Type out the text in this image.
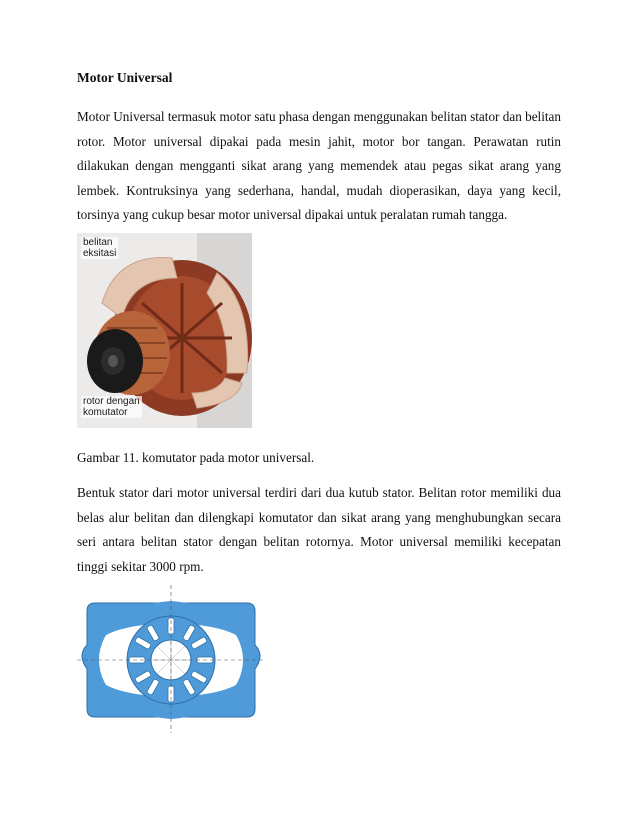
Motor Universal
Motor Universal termasuk motor satu phasa dengan menggunakan belitan stator dan belitan rotor. Motor universal dipakai pada mesin jahit, motor bor tangan. Perawatan rutin dilakukan dengan mengganti sikat arang yang memendek atau pegas sikat arang yang lembek. Kontruksinya yang sederhana, handal, mudah dioperasikan, daya yang kecil, torsinya yang cukup besar motor universal dipakai untuk peralatan rumah tangga.
belitan
eksitasi
rotor dengan
komutator
Gambar 11. komutator pada motor universal.
Bentuk stator dari motor universal terdiri dari dua kutub stator. Belitan rotor memiliki dua belas alur belitan dan dilengkapi komutator dan sikat arang yang menghubungkan secara seri antara belitan stator dengan belitan rotornya. Motor universal memiliki kecepatan tinggi sekitar 3000 rpm.
